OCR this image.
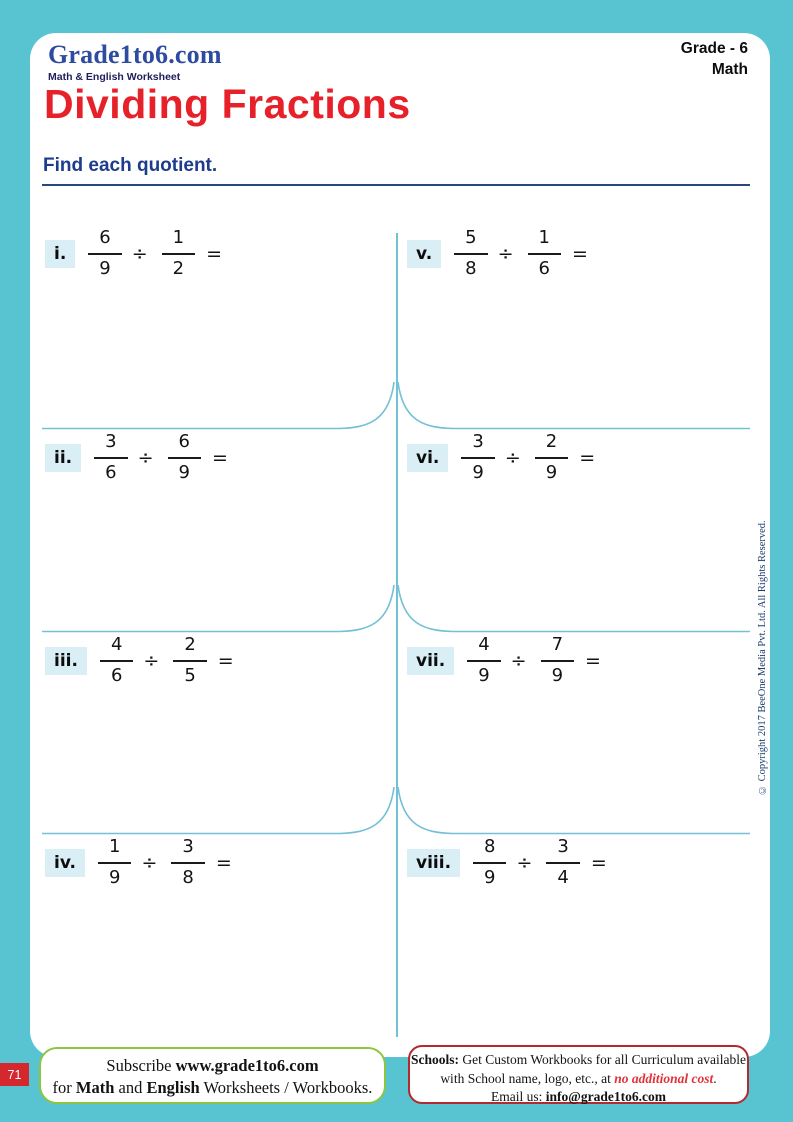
Grade1to6.com
Math & English Worksheet
Grade - 6
Math
Dividing Fractions
Find each quotient.
i.	$\frac{6}{9} \div \frac{1}{2}$ =
ii.	$\frac{3}{6} \div \frac{6}{9}$ =
iii.	$\frac{4}{6} \div \frac{2}{5}$ =
iv.	$\frac{1}{9} \div \frac{3}{8}$ =
v.	$\frac{5}{8} \div \frac{1}{6}$ =
vi.	$\frac{3}{9} \div \frac{2}{9}$ =
vii.	$\frac{4}{9} \div \frac{7}{9}$ =
viii.	$\frac{8}{9} \div \frac{3}{4}$ =
© Copyright 2017 BeeOne Media Pvt. Ltd. All Rights Reserved.
Subscribe www.grade1to6.com
for Math and English Worksheets / Workbooks.
Schools: Get Custom Workbooks for all Curriculum available
with School name, logo, etc., at no additional cost.
Email us: info@grade1to6.com
71
